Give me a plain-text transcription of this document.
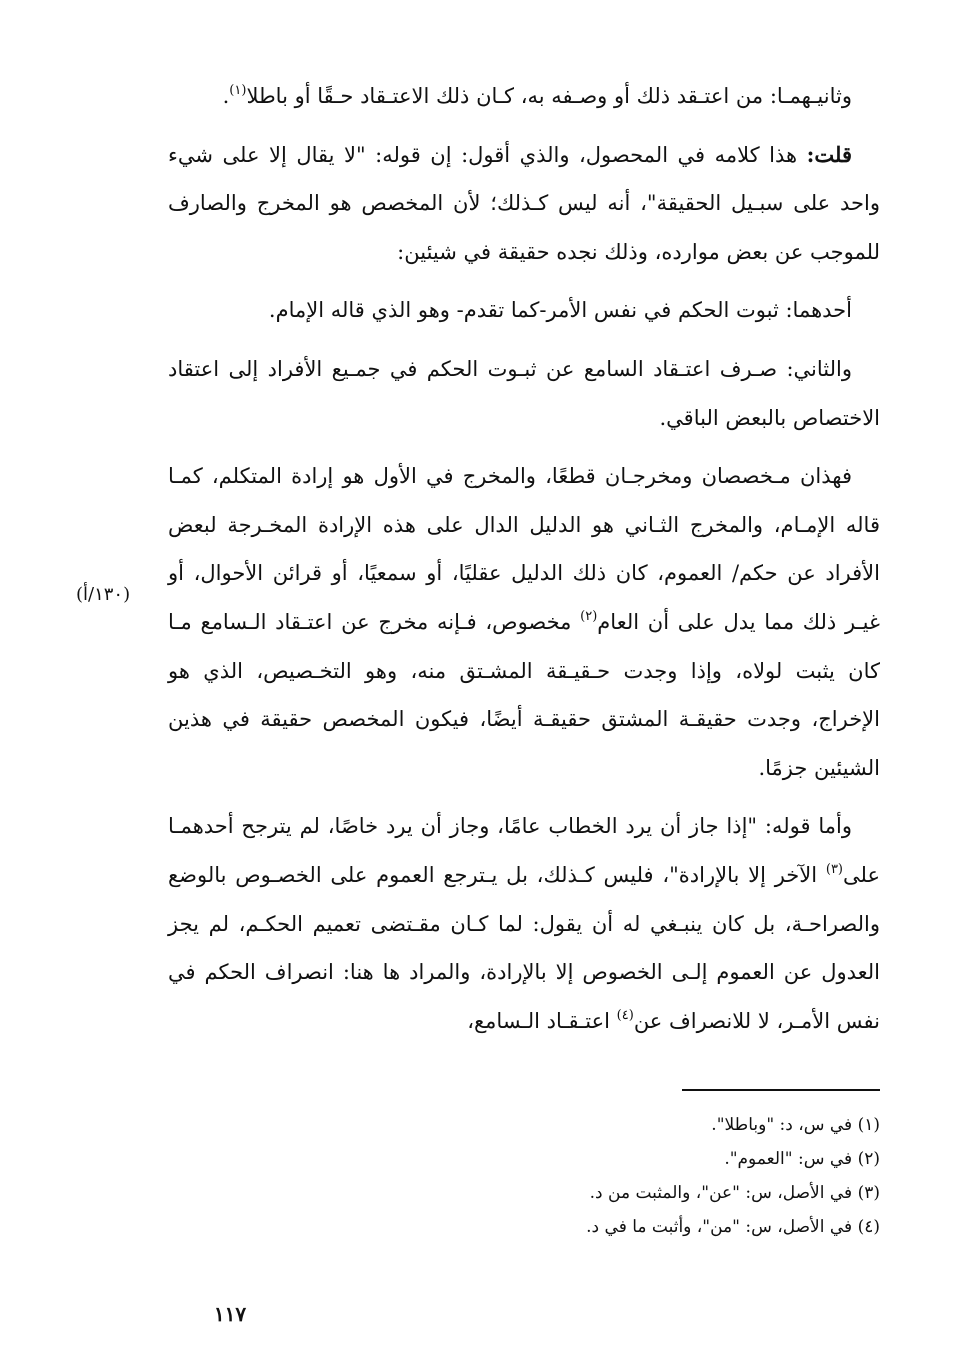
وثانيـهمـا: من اعتـقد ذلك أو وصـفه به، كـان ذلك الاعتـقاد حـقًا أو باطلا$^{(١)}$.

قلت: هذا كلامه في المحصول، والذي أقول: إن قوله: "لا يقال إلا على شيء واحد على سبـيل الحقيقة"، أنه ليس كـذلك؛ لأن المخصص هو المخرج والصارف للموجب عن بعض موارده، وذلك نجده حقيقة في شيئين:

أحدهما: ثبوت الحكم في نفس الأمر-كما تقدم- وهو الذي قاله الإمام.

والثاني: صـرف اعتـقاد السامع عن ثبـوت الحكم في جمـيع الأفراد إلى اعتقاد الاختصاص بالبعض الباقي.

فهذان مـخصصان ومخرجـان قطعًا، والمخرج في الأول هو إرادة المتكلم، كمـا قاله الإمـام، والمخرج الثـاني هو الدليل الدال على هذه الإرادة المخـرجة لبعض الأفراد عن حكم/ العموم، كان ذلك الدليل عقليًا، أو سمعيًا، أو قرائن الأحوال، أو غيـر ذلك مما يدل على أن العام$^{(٢)}$ مخصوص، فـإنه مخرج عن اعتـقاد الـسامع مـا كان يثبت لولاه، وإذا وجدت حـقيـقة المشـتق منه، وهو التخـصيص، الذي هو الإخراج، وجدت حقيقـة المشتق حقيقـة أيضًا، فيكون المخصص حقيقة في هذين الشيئين جزمًا.

وأما قوله: "إذا جاز أن يرد الخطاب عامًا، وجاز أن يرد خاصًا، لم يترجح أحدهمـا على$^{(٣)}$ الآخر إلا بالإرادة"، فليس كـذلك، بل يـترجع العموم على الخصـوص بالوضع والصراحـة، بل كان ينبـغي له أن يقول: لما كـان مقـتضى تعميم الحكـم، لم يجز العدول عن العموم إلـى الخصوص إلا بالإرادة، والمراد ها هنا: انصراف الحكم في نفس الأمـر، لا للانصراف عن$^{(٤)}$ اعتـقـاد الـسامع،

(١٣٠/أ)
(١) في س، د: "وباطلا".
(٢) في س: "العموم".
(٣) في الأصل، س: "عن"، والمثبت من د.
(٤) في الأصل، س: "من"، وأثبت ما في د.
١١٧
